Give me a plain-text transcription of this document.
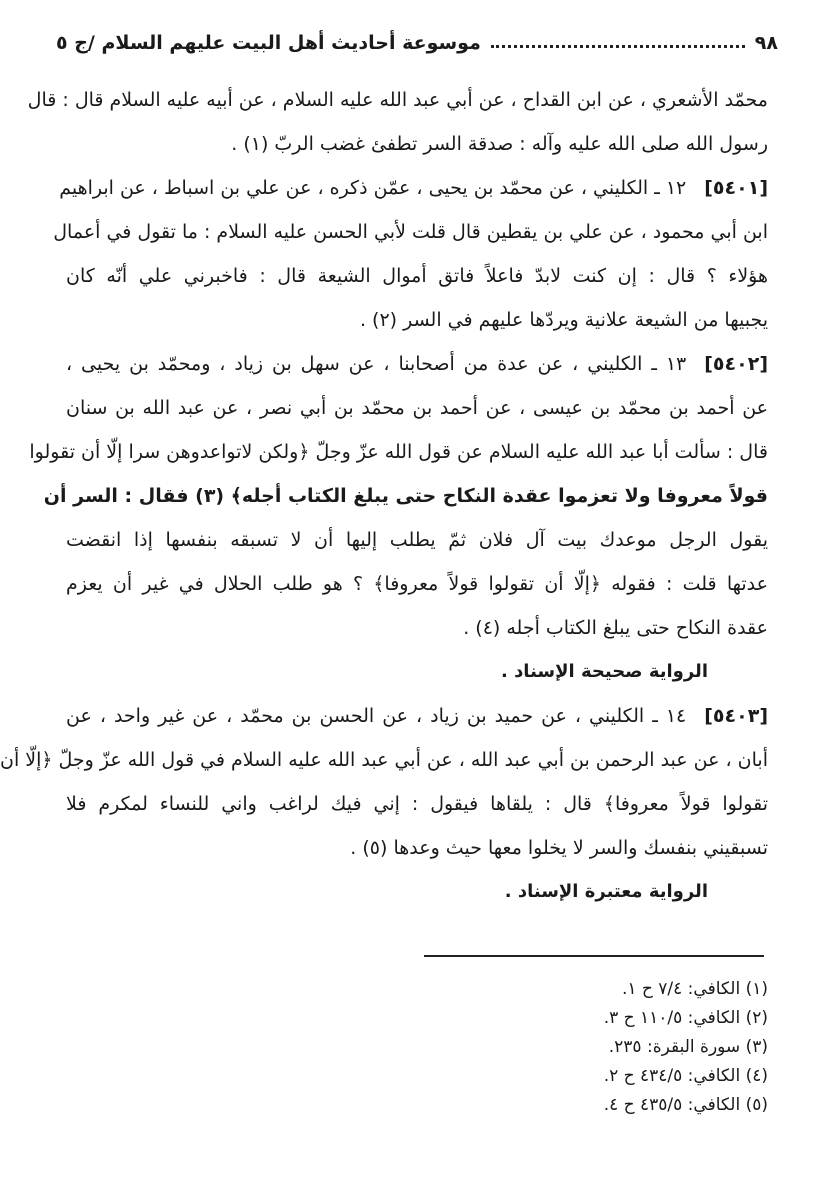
٩٨
موسوعة أحاديث أهل البيت عليهم السلام /ج ٥
محمّد الأشعري ، عن ابن القداح ، عن أبي عبد الله عليه السلام ، عن أبيه عليه السلام قال : قال
رسول الله صلى الله عليه وآله : صدقة السر تطفئ غضب الربّ (١) .
[٥٤٠١]١٢ ـ الكليني ، عن محمّد بن يحيى ، عمّن ذكره ، عن علي بن اسباط ، عن ابراهيم
ابن أبي محمود ، عن علي بن يقطين قال قلت لأبي الحسن عليه السلام : ما تقول في أعمال
هؤلاء ؟ قال : إن كنت لابدّ فاعلاً فاتق أموال الشيعة قال : فاخبرني علي أنّه كان
يجبيها من الشيعة علانية ويردّها عليهم في السر (٢) .
[٥٤٠٢]١٣ ـ الكليني ، عن عدة من أصحابنا ، عن سهل بن زياد ، ومحمّد بن يحيى ،
عن أحمد بن محمّد بن عيسى ، عن أحمد بن محمّد بن أبي نصر ، عن عبد الله بن سنان
قال : سألت أبا عبد الله عليه السلام عن قول الله عزّ وجلّ ﴿ولكن لاتواعدوهن سرا إلّا أن تقولوا
قولاً معروفا ولا تعزموا عقدة النكاح حتى يبلغ الكتاب أجله﴾ (٣) فقال : السر أن
يقول الرجل موعدك بيت آل فلان ثمّ يطلب إليها أن لا تسبقه بنفسها إذا انقضت
عدتها قلت : فقوله ﴿إلّا أن تقولوا قولاً معروفا﴾ ؟ هو طلب الحلال في غير أن يعزم
عقدة النكاح حتى يبلغ الكتاب أجله (٤) .
الرواية صحيحة الإسناد .
[٥٤٠٣]١٤ ـ الكليني ، عن حميد بن زياد ، عن الحسن بن محمّد ، عن غير واحد ، عن
أبان ، عن عبد الرحمن بن أبي عبد الله ، عن أبي عبد الله عليه السلام في قول الله عزّ وجلّ ﴿إلّا أن
تقولوا قولاً معروفا﴾ قال : يلقاها فيقول : إني فيك لراغب واني للنساء لمكرم فلا
تسبقيني بنفسك والسر لا يخلوا معها حيث وعدها (٥) .
الرواية معتبرة الإسناد .
(١) الكافي: ٧/٤ ح ١.
(٢) الكافي: ١١٠/٥ ح ٣.
(٣) سورة البقرة: ٢٣٥.
(٤) الكافي: ٤٣٤/٥ ح ٢.
(٥) الكافي: ٤٣٥/٥ ح ٤.
